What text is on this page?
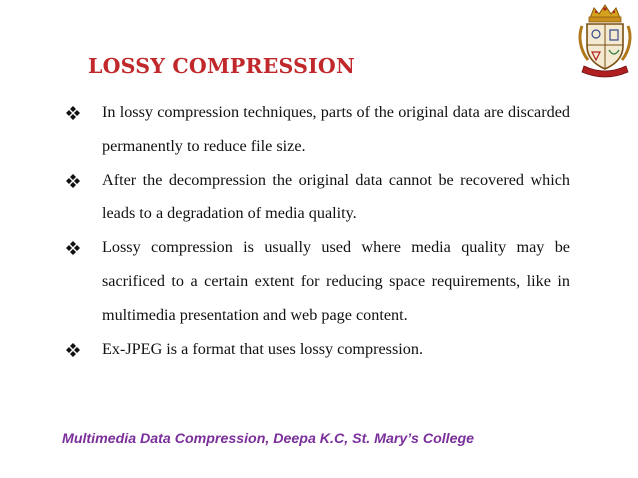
LOSSY COMPRESSION
In lossy compression techniques, parts of the original data are discarded permanently to reduce file size.
After the decompression the original data cannot be recovered which leads to a degradation of media quality.
Lossy compression is usually used where media quality may be sacrificed to a certain extent for reducing space requirements, like in multimedia presentation and web page content.
Ex-JPEG is a format that uses lossy compression.
Multimedia Data Compression, Deepa K.C, St. Mary’s College
